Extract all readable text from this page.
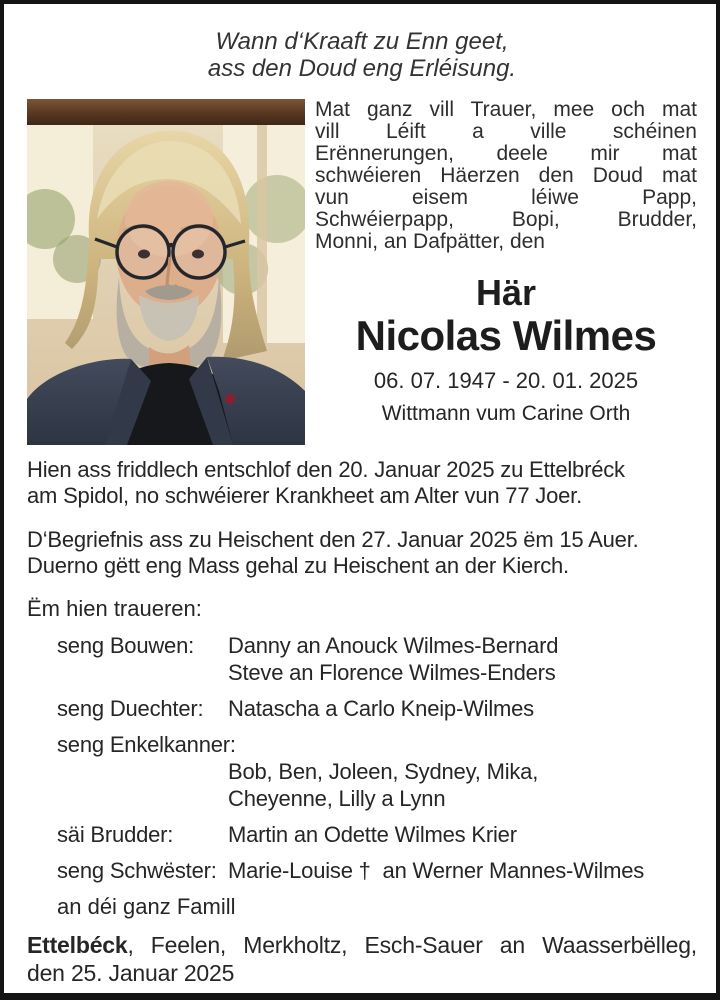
Wann d‘Kraaft zu Enn geet,
ass den Doud eng Erléisung.
Mat ganz vill Trauer, mee och mat
vill Léift a ville schéinen
Erënnerungen, deele mir mat
schwéieren Häerzen den Doud mat
vun eisem léiwe Papp,
Schwéierpapp, Bopi, Brudder,
Monni, an Dafpätter, den
Här
Nicolas Wilmes
06. 07. 1947 - 20. 01. 2025
Wittmann vum Carine Orth
Hien ass friddlech entschlof den 20. Januar 2025 zu Ettelbréck
am Spidol, no schwéierer Krankheet am Alter vun 77 Joer.
D‘Begriefnis ass zu Heischent den 27. Januar 2025 ëm 15 Auer.
Duerno gëtt eng Mass gehal zu Heischent an der Kierch.
Ëm hien traueren:
seng Bouwen:	Danny an Anouck Wilmes-Bernard
Steve an Florence Wilmes-Enders
seng Duechter:	Natascha a Carlo Kneip-Wilmes
seng Enkelkanner:
Bob, Ben, Joleen, Sydney, Mika,
Cheyenne, Lilly a Lynn
säi Brudder:	Martin an Odette Wilmes Krier
seng Schwëster: Marie-Louise †  an Werner Mannes-Wilmes
an déi ganz Famill
Ettelbéck, Feelen, Merkholtz, Esch-Sauer an Waasserbëlleg,
den 25. Januar 2025
